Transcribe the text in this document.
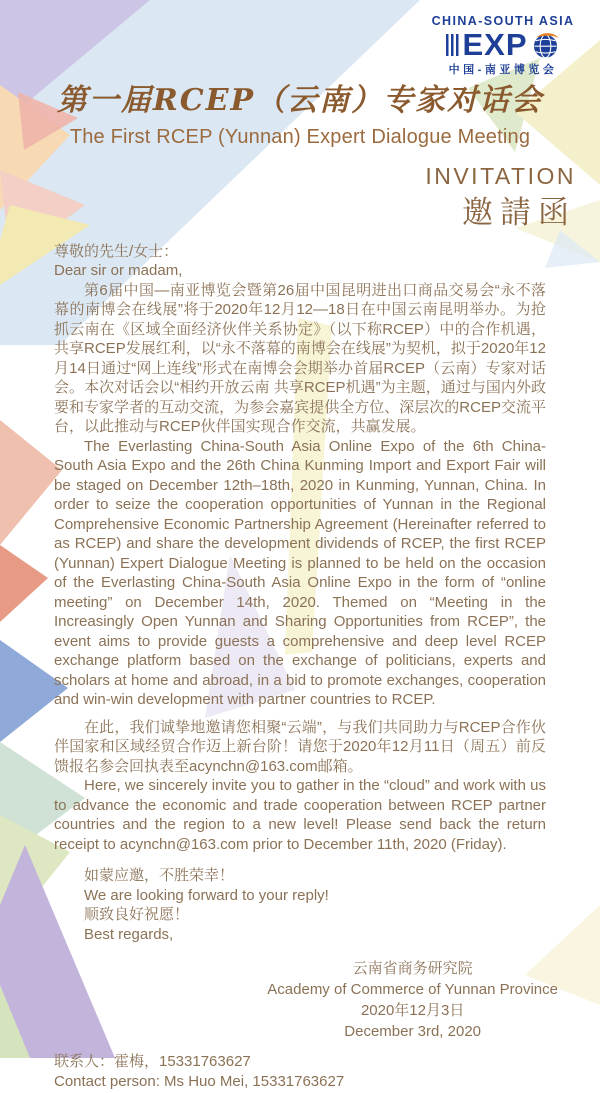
CHINA-SOUTH ASIA
EXP
中国-南亚博览会
第一届RCEP（云南）专家对话会
The First RCEP (Yunnan) Expert Dialogue Meeting
INVITATION
邀請函
尊敬的先生/女士：
Dear sir or madam,

第6届中国—南亚博览会暨第26届中国昆明进出口商品交易会“永不落幕的南博会在线展”将于2020年12月12—18日在中国云南昆明举办。为抢抓云南在《区域全面经济伙伴关系协定》（以下称RCEP）中的合作机遇，共享RCEP发展红利，以“永不落幕的南博会在线展”为契机，拟于2020年12月14日通过“网上连线”形式在南博会会期举办首届RCEP（云南）专家对话会。本次对话会以“相约开放云南 共享RCEP机遇”为主题，通过与国内外政要和专家学者的互动交流，为参会嘉宾提供全方位、深层次的RCEP交流平台，以此推动与RCEP伙伴国实现合作交流，共赢发展。

The Everlasting China-South Asia Online Expo of the 6th China-South Asia Expo and the 26th China Kunming Import and Export Fair will be staged on December 12th–18th, 2020 in Kunming, Yunnan, China. In order to seize the cooperation opportunities of Yunnan in the Regional Comprehensive Economic Partnership Agreement (Hereinafter referred to as RCEP) and share the development dividends of RCEP, the first RCEP (Yunnan) Expert Dialogue Meeting is planned to be held on the occasion of the Everlasting China-South Asia Online Expo in the form of “online meeting” on December 14th, 2020. Themed on “Meeting in the Increasingly Open Yunnan and Sharing Opportunities from RCEP”, the event aims to provide guests a comprehensive and deep level RCEP exchange platform based on the exchange of politicians, experts and scholars at home and abroad, in a bid to promote exchanges, cooperation and win-win development with partner countries to RCEP.

在此，我们诚挚地邀请您相聚“云端”，与我们共同助力与RCEP合作伙伴国家和区域经贸合作迈上新台阶！请您于2020年12月11日（周五）前反馈报名参会回执表至acynchn@163.com邮箱。

Here, we sincerely invite you to gather in the “cloud” and work with us to advance the economic and trade cooperation between RCEP partner countries and the region to a new level! Please send back the return receipt to acynchn@163.com prior to December 11th, 2020 (Friday).

如蒙应邀，不胜荣幸！
We are looking forward to your reply!
顺致良好祝愿！
Best regards,
云南省商务研究院
Academy of Commerce of Yunnan Province
2020年12月3日
December 3rd, 2020
联系人：霍梅，15331763627
Contact person: Ms Huo Mei, 15331763627
